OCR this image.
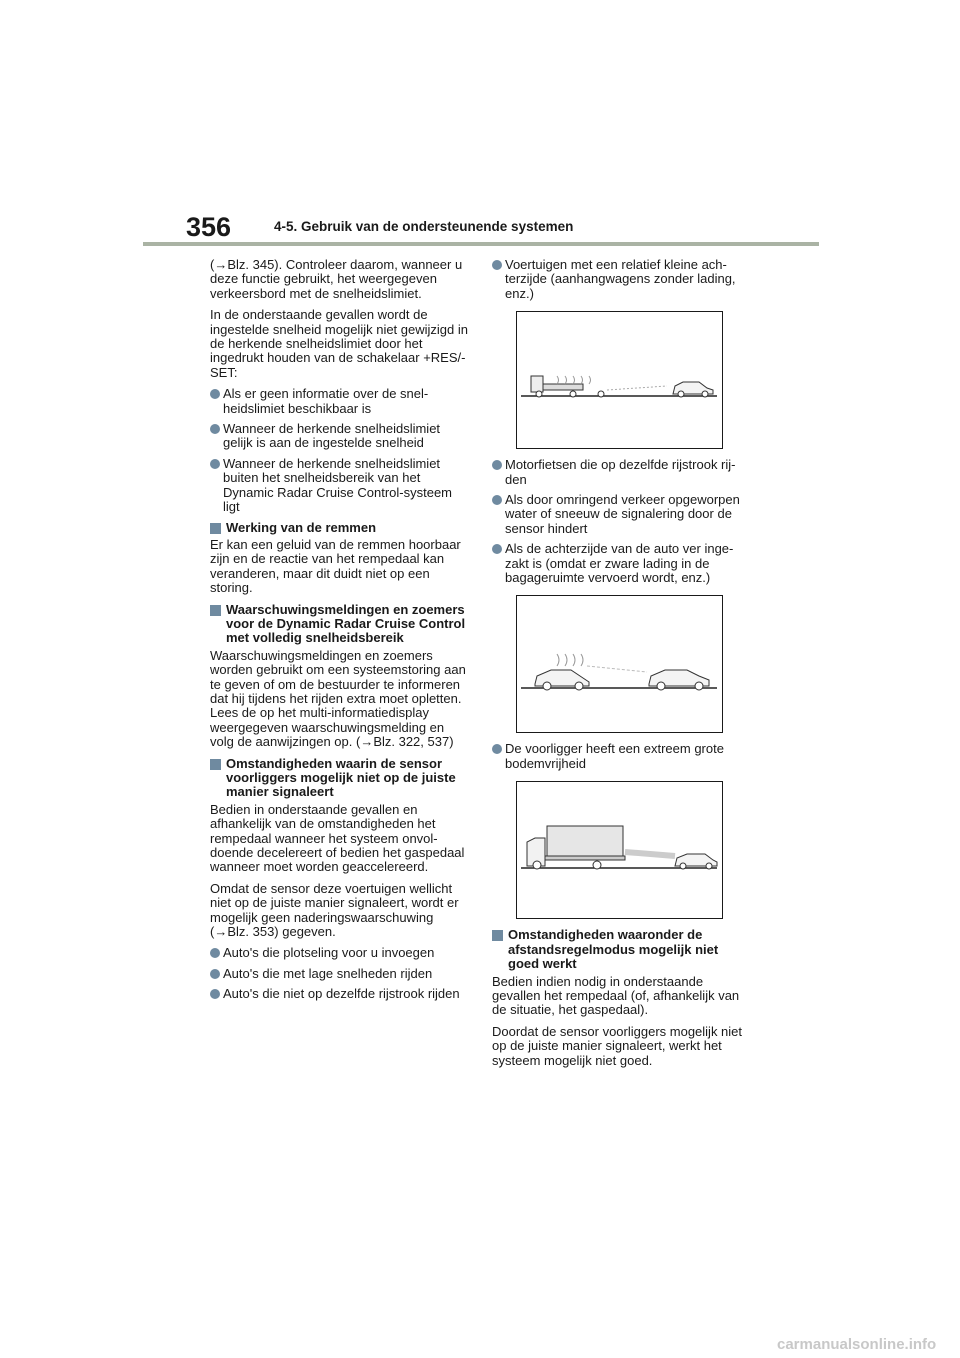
356	4-5. Gebruik van de ondersteunende systemen

(→Blz. 345). Controleer daarom, wanneer u deze functie gebruikt, het weergegeven verkeersbord met de snelheidslimiet.

In de onderstaande gevallen wordt de ingestelde snelheid mogelijk niet gewijzigd in de herkende snelheidslimiet door het ingedrukt houden van de schakelaar +RES/-SET:

Als er geen informatie over de snelheidslimiet beschikbaar is
Wanneer de herkende snelheidslimiet gelijk is aan de ingestelde snelheid
Wanneer de herkende snelheidslimiet buiten het snelheidsbereik van het Dynamic Radar Cruise Control-systeem ligt
Werking van de remmen

Er kan een geluid van de remmen hoorbaar zijn en de reactie van het rempedaal kan veranderen, maar dit duidt niet op een storing.

Waarschuwingsmeldingen en zoemers voor de Dynamic Radar Cruise Control met volledig snelheidsbereik

Waarschuwingsmeldingen en zoemers worden gebruikt om een systeemstoring aan te geven of om de bestuurder te informeren dat hij tijdens het rijden extra moet opletten. Lees de op het multi-informatiedisplay weergegeven waarschuwingsmelding en volg de aanwijzingen op. (→Blz. 322, 537)

Omstandigheden waarin de sensor voorliggers mogelijk niet op de juiste manier signaleert

Bedien in onderstaande gevallen en afhankelijk van de omstandigheden het rempedaal wanneer het systeem onvoldoende decelereert of bedien het gaspedaal wanneer moet worden geaccelereerd.

Omdat de sensor deze voertuigen wellicht niet op de juiste manier signaleert, wordt er mogelijk geen naderingswaarschuwing (→Blz. 353) gegeven.

Auto's die plotseling voor u invoegen
Auto's die met lage snelheden rijden
Auto's die niet op dezelfde rijstrook rijden
Voertuigen met een relatief kleine achterzijde (aanhangwagens zonder lading, enz.)
Motorfietsen die op dezelfde rijstrook rijden
Als door omringend verkeer opgeworpen water of sneeuw de signalering door de sensor hindert
Als de achterzijde van de auto ver ingezakt is (omdat er zware lading in de bagageruimte vervoerd wordt, enz.)
De voorligger heeft een extreem grote bodemvrijheid
Omstandigheden waaronder de afstandsregelmodus mogelijk niet goed werkt

Bedien indien nodig in onderstaande gevallen het rempedaal (of, afhankelijk van de situatie, het gaspedaal).

Doordat de sensor voorliggers mogelijk niet op de juiste manier signaleert, werkt het systeem mogelijk niet goed.

carmanualsonline.info
